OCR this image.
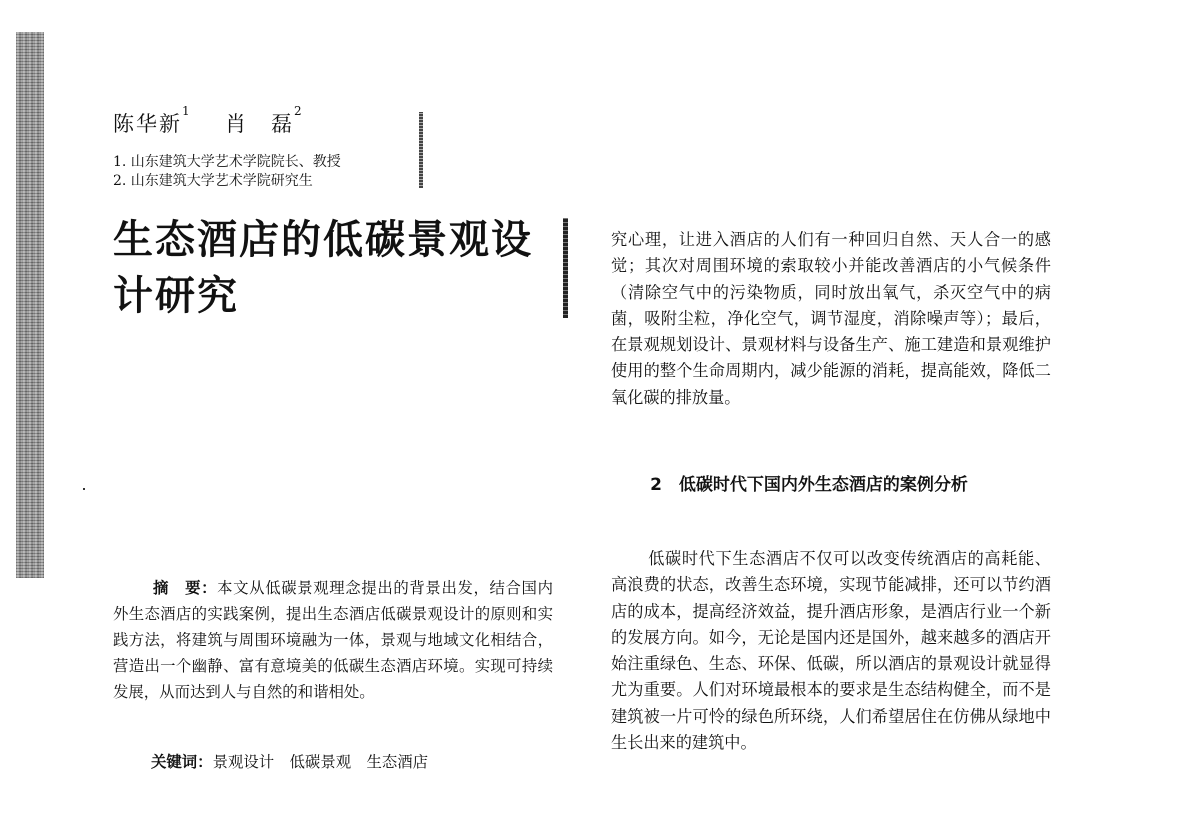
陈华新$^1$  肖　磊$^2$
1. 山东建筑大学艺术学院院长、教授
2. 山东建筑大学艺术学院研究生
生态酒店的低碳景观设计研究

摘　要：本文从低碳景观理念提出的背景出发，结合国内外生态酒店的实践案例，提出生态酒店低碳景观设计的原则和实践方法，将建筑与周围环境融为一体，景观与地域文化相结合，营造出一个幽静、富有意境美的低碳生态酒店环境。实现可持续发展，从而达到人与自然的和谐相处。

关键词：景观设计　低碳景观　生态酒店

究心理，让进入酒店的人们有一种回归自然、天人合一的感觉；其次对周围环境的索取较小并能改善酒店的小气候条件（清除空气中的污染物质，同时放出氧气，杀灭空气中的病菌，吸附尘粒，净化空气，调节湿度，消除噪声等）；最后，在景观规划设计、景观材料与设备生产、施工建造和景观维护使用的整个生命周期内，减少能源的消耗，提高能效，降低二氧化碳的排放量。

2　低碳时代下国内外生态酒店的案例分析

低碳时代下生态酒店不仅可以改变传统酒店的高耗能、高浪费的状态，改善生态环境，实现节能减排，还可以节约酒店的成本，提高经济效益，提升酒店形象，是酒店行业一个新的发展方向。如今，无论是国内还是国外，越来越多的酒店开始注重绿色、生态、环保、低碳，所以酒店的景观设计就显得尤为重要。人们对环境最根本的要求是生态结构健全，而不是建筑被一片可怜的绿色所环绕，人们希望居住在仿佛从绿地中生长出来的建筑中。
